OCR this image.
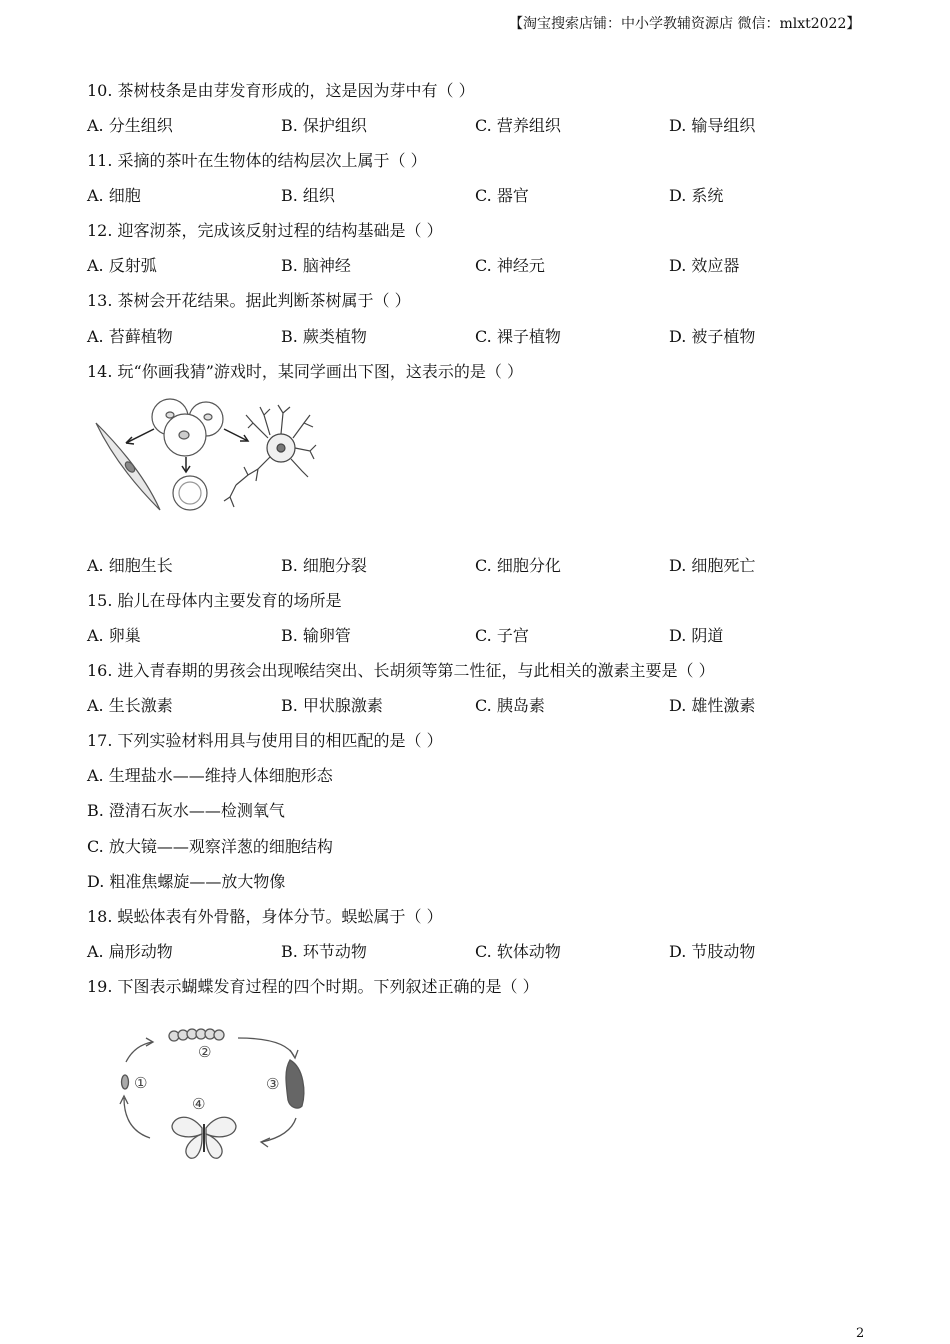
【淘宝搜索店铺：中小学教辅资源店 微信：mlxt2022】
10. 茶树枝条是由芽发育形成的，这是因为芽中有（ ）
A. 分生组织	B. 保护组织	C. 营养组织	D. 输导组织
11. 采摘的茶叶在生物体的结构层次上属于（ ）
A. 细胞	B. 组织	C. 器官	D. 系统
12. 迎客沏茶，完成该反射过程的结构基础是（ ）
A. 反射弧	B. 脑神经	C. 神经元	D. 效应器
13. 茶树会开花结果。据此判断茶树属于（ ）
A. 苔藓植物	B. 蕨类植物	C. 裸子植物	D. 被子植物
14. 玩“你画我猜”游戏时，某同学画出下图，这表示的是（ ）
A. 细胞生长	B. 细胞分裂	C. 细胞分化	D. 细胞死亡
15. 胎儿在母体内主要发育的场所是
A. 卵巢	B. 输卵管	C. 子宫	D. 阴道
16. 进入青春期的男孩会出现喉结突出、长胡须等第二性征，与此相关的激素主要是（ ）
A. 生长激素	B. 甲状腺激素	C. 胰岛素	D. 雄性激素
17. 下列实验材料用具与使用目的相匹配的是（ ）
A. 生理盐水——维持人体细胞形态
B. 澄清石灰水——检测氧气
C. 放大镜——观察洋葱的细胞结构
D. 粗准焦螺旋——放大物像
18. 蜈蚣体表有外骨骼，身体分节。蜈蚣属于（ ）
A. 扁形动物	B. 环节动物	C. 软体动物	D. 节肢动物
19. 下图表示蝴蝶发育过程的四个时期。下列叙述正确的是（ ）
①
②
③
④
2
